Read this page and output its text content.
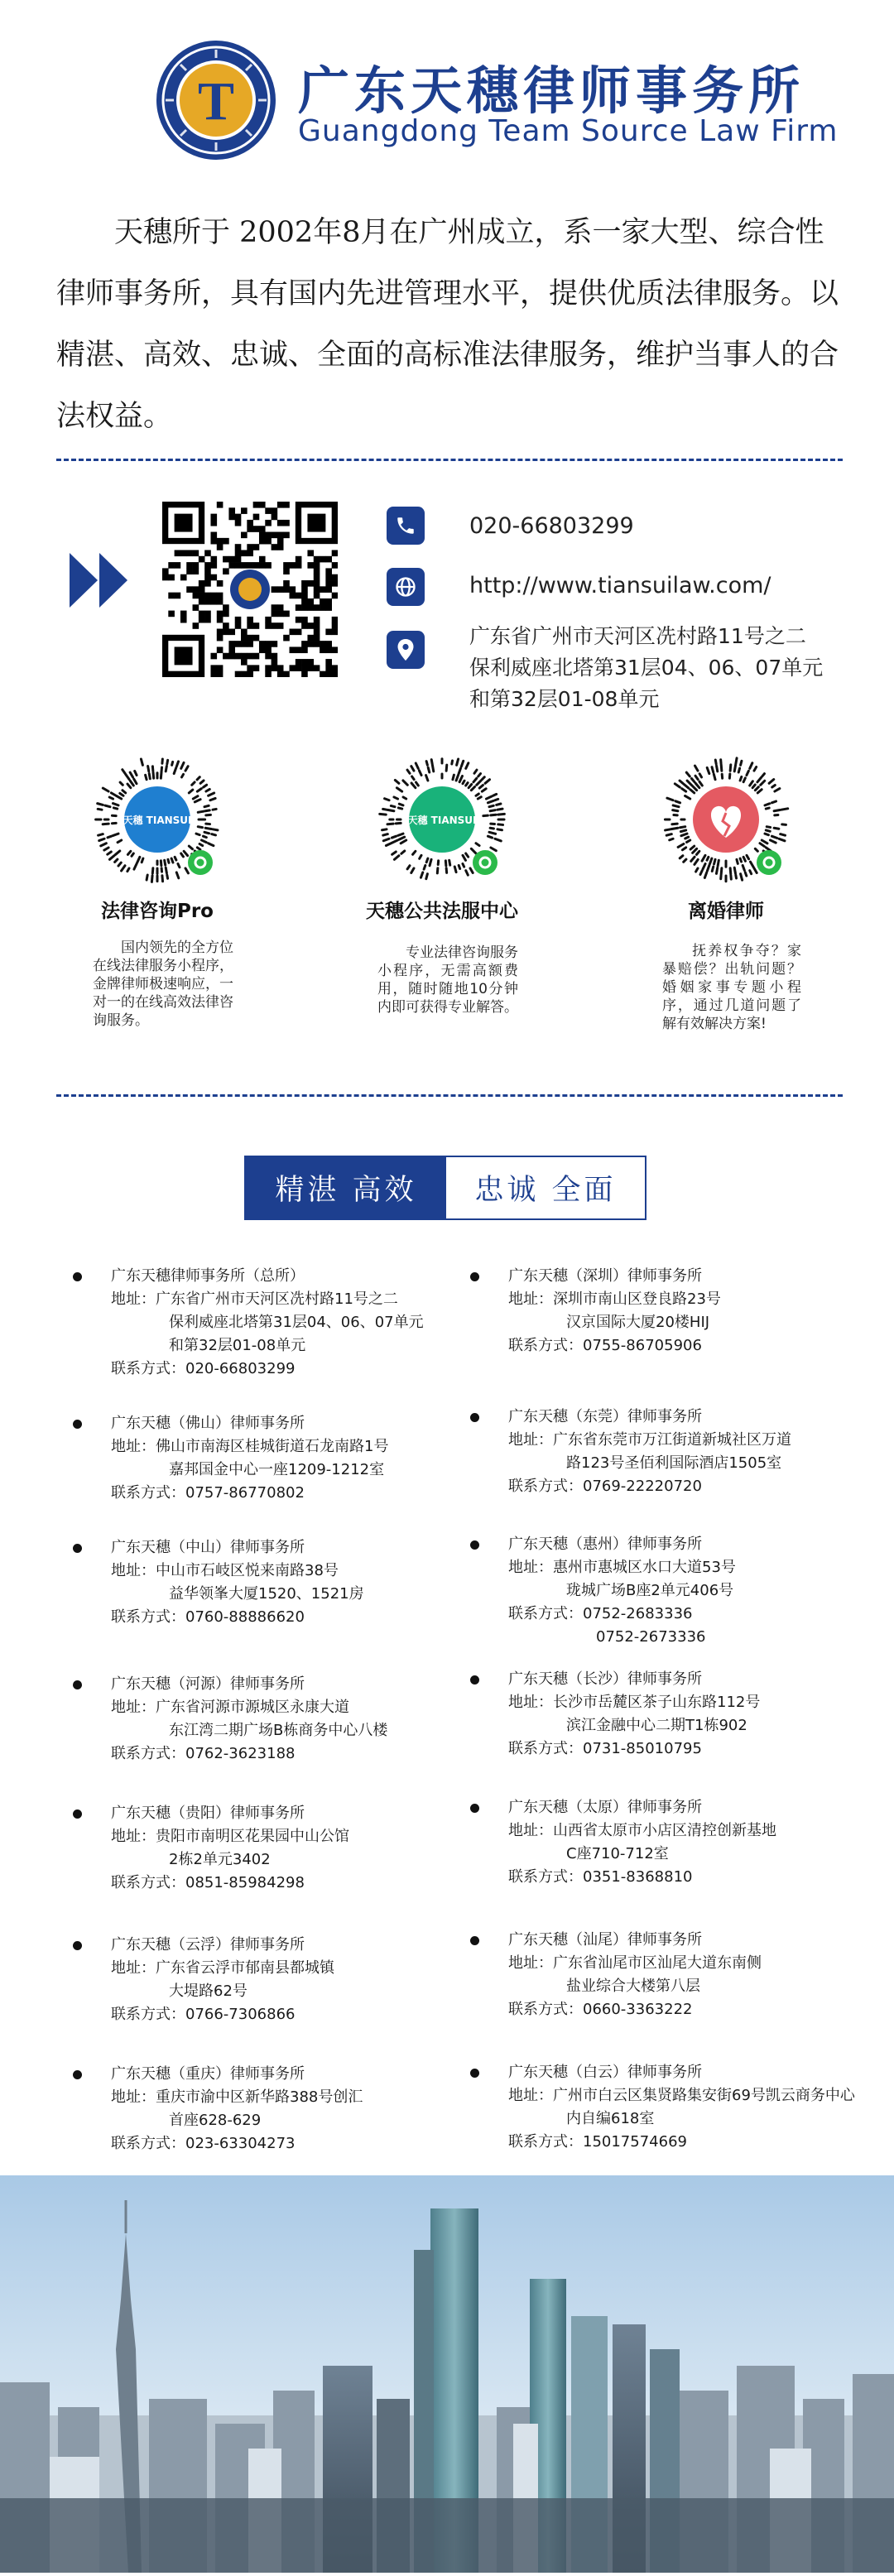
T 广东天穗律师事务所
Guangdong Team Source Law Firm
天穗所于 2002年8月在广州成立，系一家大型、综合性律师事务所，具有国内先进管理水平，提供优质法律服务。以精湛、高效、忠诚、全面的高标准法律服务，维护当事人的合法权益。
020-66803299
http://www.tiansuilaw.com/
广东省广州市天河区冼村路11号之二
保利威座北塔第31层04、06、07单元
和第32层01-08单元
天穗 TIANSUI
法律咨询Pro
国内领先的全方位在线法律服务小程序，金牌律师极速响应，一对一的在线高效法律咨询服务。
天穗 TIANSUI
天穗公共法服中心
专业法律咨询服务小程序，无需高额费用，随时随地10分钟内即可获得专业解答。
离婚律师
抚养权争夺？家暴赔偿？出轨问题？婚姻家事专题小程序，通过几道问题了解有效解决方案!
精湛 高效	忠诚 全面
广东天穗律师事务所（总所）
地址： 广东省广州市天河区冼村路11号之二
保利威座北塔第31层04、06、07单元
和第32层01-08单元
联系方式： 020-66803299
广东天穗（佛山）律师事务所
地址： 佛山市南海区桂城街道石龙南路1号
嘉邦国金中心一座1209-1212室
联系方式： 0757-86770802
广东天穗（中山）律师事务所
地址： 中山市石岐区悦来南路38号
益华领峯大厦1520、1521房
联系方式： 0760-88886620
广东天穗（河源）律师事务所
地址： 广东省河源市源城区永康大道
东江湾二期广场B栋商务中心八楼
联系方式： 0762-3623188
广东天穗（贵阳）律师事务所
地址： 贵阳市南明区花果园中山公馆
2栋2单元3402
联系方式： 0851-85984298
广东天穗（云浮）律师事务所
地址： 广东省云浮市郁南县都城镇
大堤路62号
联系方式： 0766-7306866
广东天穗（重庆）律师事务所
地址： 重庆市渝中区新华路388号创汇
首座628-629
联系方式： 023-63304273
广东天穗（深圳）律师事务所
地址： 深圳市南山区登良路23号
汉京国际大厦20楼HIJ
联系方式： 0755-86705906
广东天穗（东莞）律师事务所
地址： 广东省东莞市万江街道新城社区万道
路123号圣佰利国际酒店1505室
联系方式： 0769-22220720
广东天穗（惠州）律师事务所
地址： 惠州市惠城区水口大道53号
珑城广场B座2单元406号
联系方式： 0752-2683336
0752-2673336
广东天穗（长沙）律师事务所
地址： 长沙市岳麓区茶子山东路112号
滨江金融中心二期T1栋902
联系方式： 0731-85010795
广东天穗（太原）律师事务所
地址： 山西省太原市小店区清控创新基地
C座710-712室
联系方式： 0351-8368810
广东天穗（汕尾）律师事务所
地址： 广东省汕尾市区汕尾大道东南侧
盐业综合大楼第八层
联系方式： 0660-3363222
广东天穗（白云）律师事务所
地址： 广州市白云区集贤路集安街69号凯云商务中心
内自编618室
联系方式： 15017574669
